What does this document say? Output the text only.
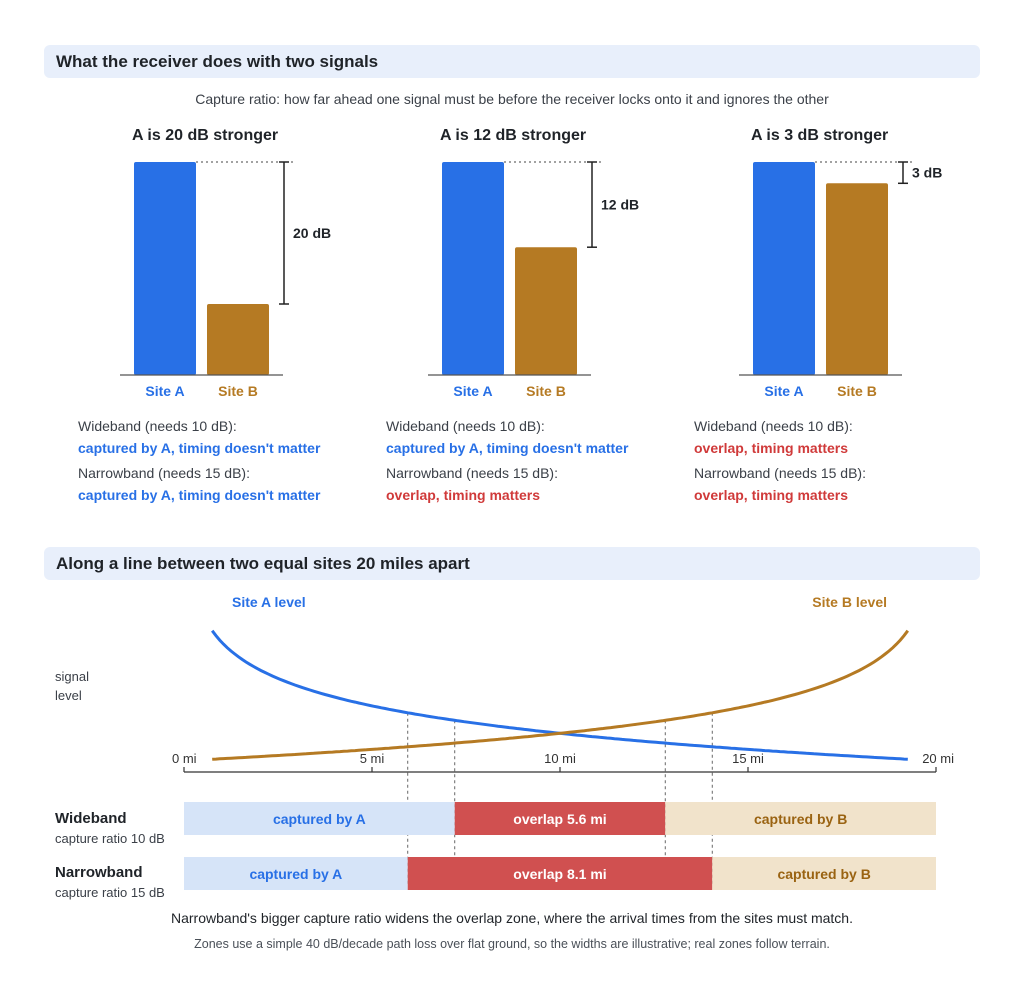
What the receiver does with two signals
Capture ratio: how far ahead one signal must be before the receiver locks onto it and ignores the other
A is 20 dB stronger
20 dB
Site A Site B
Wideband (needs 10 dB):
captured by A, timing doesn't matter
Narrowband (needs 15 dB):
captured by A, timing doesn't matter
A is 12 dB stronger
12 dB
Site A Site B
Wideband (needs 10 dB):
captured by A, timing doesn't matter
Narrowband (needs 15 dB):
overlap, timing matters
A is 3 dB stronger
3 dB
Site A Site B
Wideband (needs 10 dB):
overlap, timing matters
Narrowband (needs 15 dB):
overlap, timing matters
Along a line between two equal sites 20 miles apart
Site A level	Site B level
signal
level
0 mi	5 mi	10 mi	15 mi	20 mi
captured by A	overlap 5.6 mi	captured by B
captured by A	overlap 8.1 mi	captured by B
Wideband
capture ratio 10 dB
Narrowband
capture ratio 15 dB
Narrowband's bigger capture ratio widens the overlap zone, where the arrival times from the sites must match.
Zones use a simple 40 dB/decade path loss over flat ground, so the widths are illustrative; real zones follow terrain.
